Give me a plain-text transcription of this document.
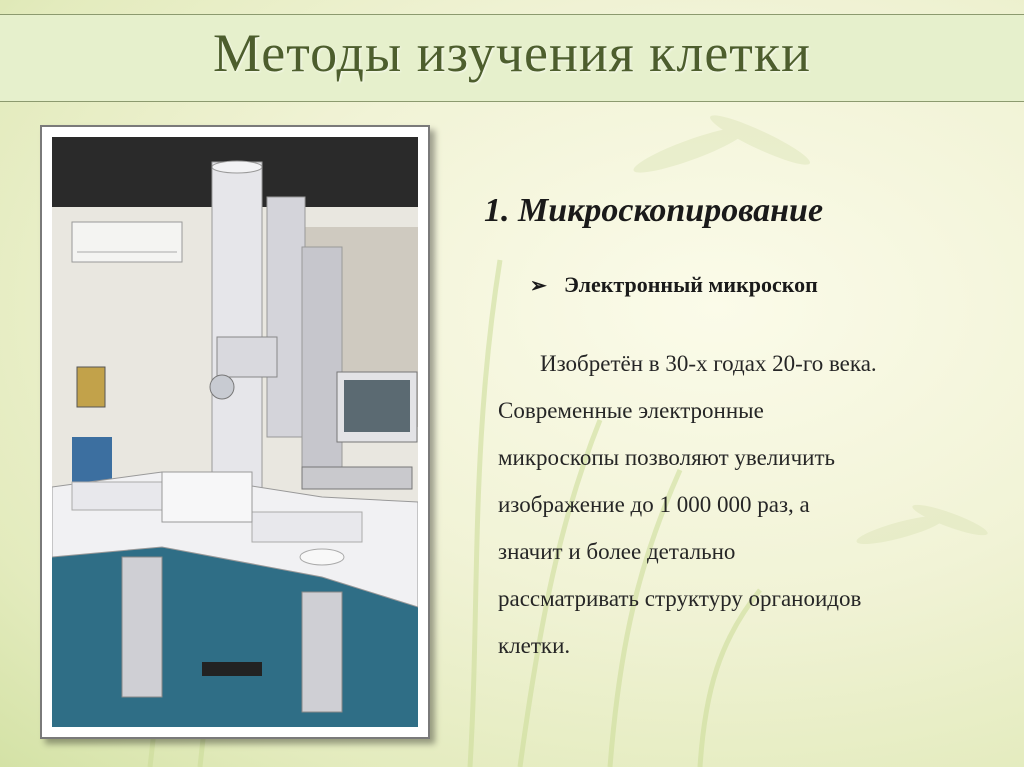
Методы изучения клетки
1. Микроскопирование
➢ Электронный микроскоп
Изобретён в 30-х годах 20-го века.
Современные электронные
микроскопы позволяют увеличить
изображение до 1 000 000 раз, а
значит и более детально
рассматривать структуру органоидов
клетки.
